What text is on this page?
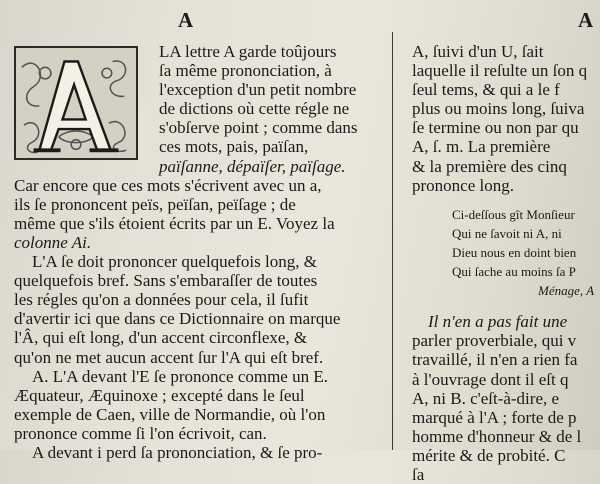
A	A
LA lettre A garde toûjours
ſa même prononciation, à
l'exception d'un petit nombre
de dictions où cette régle ne
s'obſerve point ; comme dans
ces mots, pais, païſan,
païſanne, dépaïſer, païſage.
Car encore que ces mots s'écrivent avec un a,
ils ſe prononcent peïs, peïſan, peïſage ; de
même que s'ils étoient écrits par un E. Voyez la
colonne Ai.
L'A ſe doit prononcer quelquefois long, &
quelquefois bref. Sans s'embaraſſer de toutes
les régles qu'on a données pour cela, il ſufit
d'avertir ici que dans ce Dictionnaire on marque
l'Â, qui eſt long, d'un accent circonflexe, &
qu'on ne met aucun accent ſur l'A qui eſt bref.
A. L'A devant l'E ſe prononce comme un E.
Æquateur, Æquinoxe ; excepté dans le ſeul
exemple de Caen, ville de Normandie, où l'on
prononce comme ſi l'on écrivoit, can.
A devant i perd ſa prononciation, & ſe pro-
A, ſuivi d'un U, ſait
laquelle il reſulte un ſon q
ſeul tems, & qui a le f
plus ou moins long, ſuiva
ſe termine ou non par qu
A, ſ. m. La première
& la première des cinq
prononce long.
Ci-deſſous gît Monſieur
Qui ne ſavoit ni A, ni
Dieu nous en doint bien
Qui ſache au moins ſa P
Ménage, A
Il n'en a pas fait une
parler proverbiale, qui v
travaillé, il n'en a rien fa
à l'ouvrage dont il eſt q
A, ni B. c'eſt-à-dire, e
marqué à l'A ; forte de p
homme d'honneur & de l
mérite & de probité. C
ſa
